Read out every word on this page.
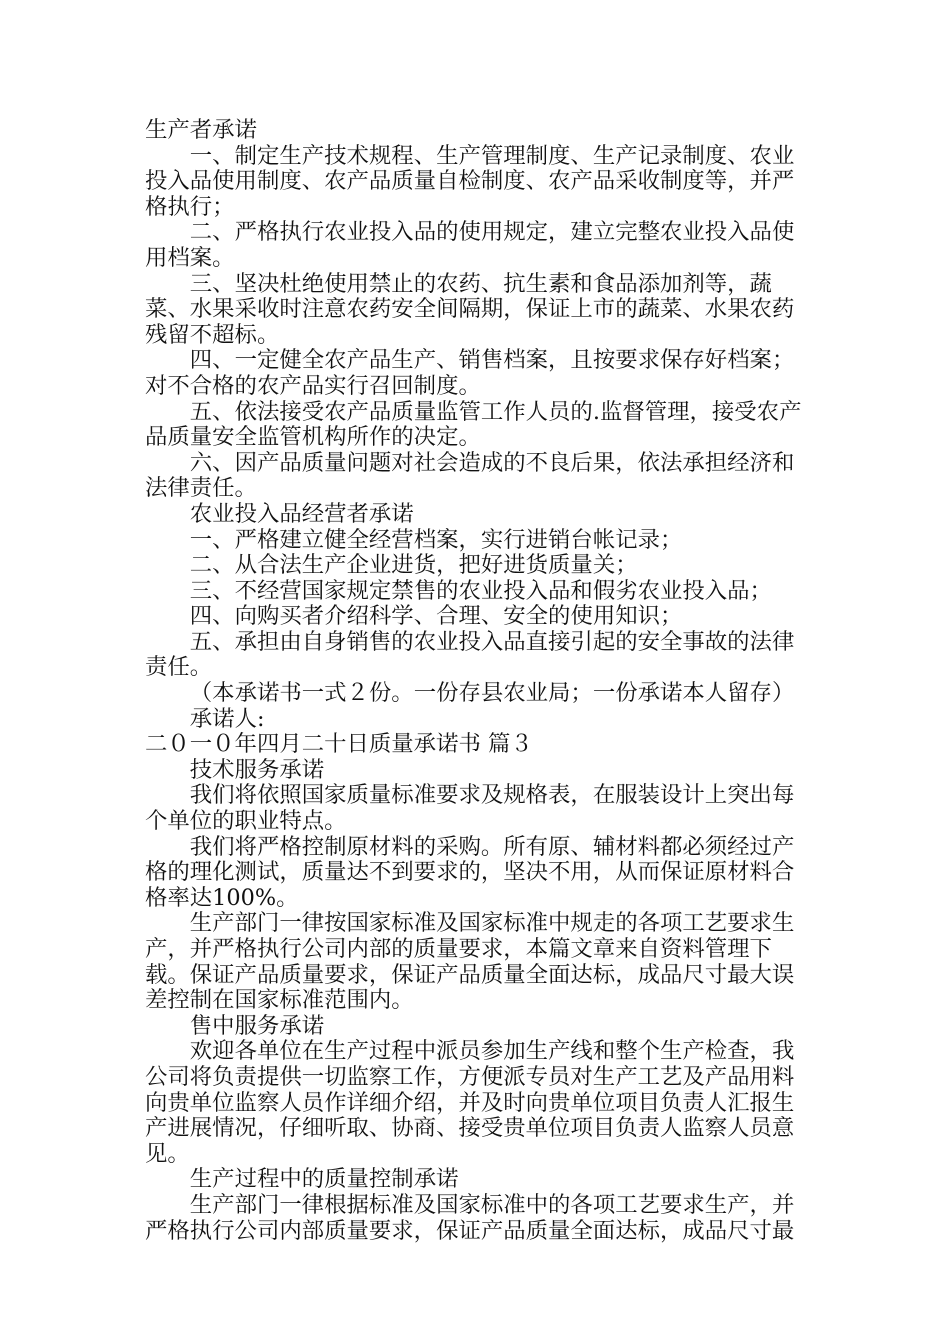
生产者承诺

一、制定生产技术规程、生产管理制度、生产记录制度、农业投入品使用制度、农产品质量自检制度、农产品采收制度等，并严格执行；

二、严格执行农业投入品的使用规定，建立完整农业投入品使用档案。

三、坚决杜绝使用禁止的农药、抗生素和食品添加剂等，蔬菜、水果采收时注意农药安全间隔期，保证上市的蔬菜、水果农药残留不超标。

四、一定健全农产品生产、销售档案，且按要求保存好档案；对不合格的农产品实行召回制度。

五、依法接受农产品质量监管工作人员的.监督管理，接受农产品质量安全监管机构所作的决定。

六、因产品质量问题对社会造成的不良后果，依法承担经济和法律责任。

农业投入品经营者承诺

一、严格建立健全经营档案，实行进销台帐记录；

二、从合法生产企业进货，把好进货质量关；

三、不经营国家规定禁售的农业投入品和假劣农业投入品；

四、向购买者介绍科学、合理、安全的使用知识；

五、承担由自身销售的农业投入品直接引起的安全事故的法律责任。

（本承诺书一式２份。一份存县农业局；一份承诺本人留存）

承诺人:

二０一０年四月二十日质量承诺书 篇３

技术服务承诺

我们将依照国家质量标准要求及规格表，在服装设计上突出每个单位的职业特点。

我们将严格控制原材料的采购。所有原、辅材料都必须经过产格的理化测试，质量达不到要求的，坚决不用，从而保证原材料合格率达100%。

生产部门一律按国家标准及国家标准中规走的各项工艺要求生产，并严格执行公司内部的质量要求，本篇文章来自资料管理下载。保证产品质量要求，保证产品质量全面达标，成品尺寸最大误差控制在国家标准范围内。

售中服务承诺

欢迎各单位在生产过程中派员参加生产线和整个生产检查，我公司将负责提供一切监察工作，方便派专员对生产工艺及产品用料向贵单位监察人员作详细介绍，并及时向贵单位项目负责人汇报生产进展情况，仔细听取、协商、接受贵单位项目负责人监察人员意见。

生产过程中的质量控制承诺

生产部门一律根据标准及国家标准中的各项工艺要求生产，并严格执行公司内部质量要求，保证产品质量全面达标，成品尺寸最
